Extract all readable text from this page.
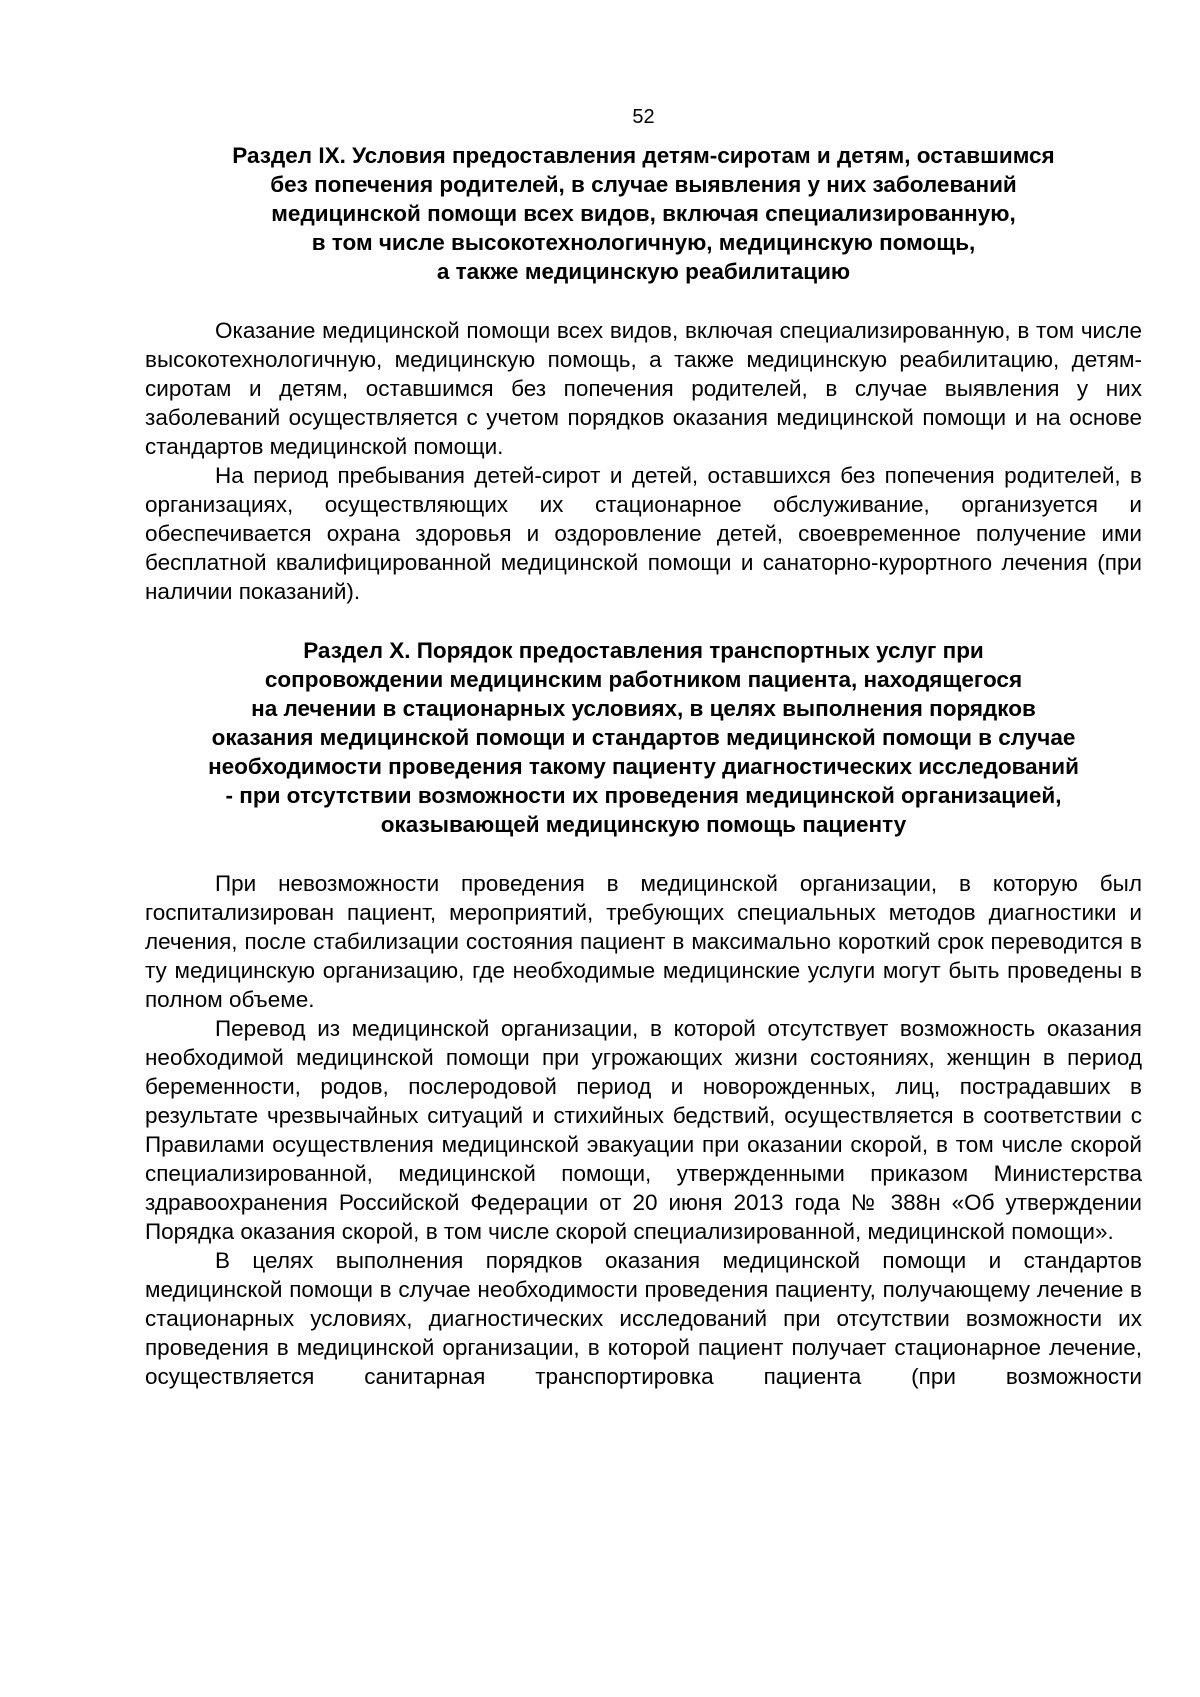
52
Раздел IX. Условия предоставления детям-сиротам и детям, оставшимся
без попечения родителей, в случае выявления у них заболеваний
медицинской помощи всех видов, включая специализированную,
в том числе высокотехнологичную, медицинскую помощь,
а также медицинскую реабилитацию

Оказание медицинской помощи всех видов, включая специализированную, в том числе высокотехнологичную, медицинскую помощь, а также медицинскую реабилитацию, детям-сиротам и детям, оставшимся без попечения родителей, в случае выявления у них заболеваний осуществляется с учетом порядков оказания медицинской помощи и на основе стандартов медицинской помощи.

На период пребывания детей-сирот и детей, оставшихся без попечения родителей, в организациях, осуществляющих их стационарное обслуживание, организуется и обеспечивается охрана здоровья и оздоровление детей, своевременное получение ими бесплатной квалифицированной медицинской помощи и санаторно-курортного лечения (при наличии показаний).

Раздел X. Порядок предоставления транспортных услуг при
сопровождении медицинским работником пациента, находящегося
на лечении в стационарных условиях, в целях выполнения порядков
оказания медицинской помощи и стандартов медицинской помощи в случае
необходимости проведения такому пациенту диагностических исследований
- при отсутствии возможности их проведения медицинской организацией,
оказывающей медицинскую помощь пациенту

При невозможности проведения в медицинской организации, в которую был госпитализирован пациент, мероприятий, требующих специальных методов диагностики и лечения, после стабилизации состояния пациент в максимально короткий срок переводится в ту медицинскую организацию, где необходимые медицинские услуги могут быть проведены в полном объеме.

Перевод из медицинской организации, в которой отсутствует возможность оказания необходимой медицинской помощи при угрожающих жизни состояниях, женщин в период беременности, родов, послеродовой период и новорожденных, лиц, пострадавших в результате чрезвычайных ситуаций и стихийных бедствий, осуществляется в соответствии с Правилами осуществления медицинской эвакуации при оказании скорой, в том числе скорой специализированной, медицинской помощи, утвержденными приказом Министерства здравоохранения Российской Федерации от 20 июня 2013 года № 388н «Об утверждении Порядка оказания скорой, в том числе скорой специализированной, медицинской помощи».

В целях выполнения порядков оказания медицинской помощи и стандартов медицинской помощи в случае необходимости проведения пациенту, получающему лечение в стационарных условиях, диагностических исследований при отсутствии возможности их проведения в медицинской организации, в которой пациент получает стационарное лечение, осуществляется санитарная транспортировка пациента (при возможности
